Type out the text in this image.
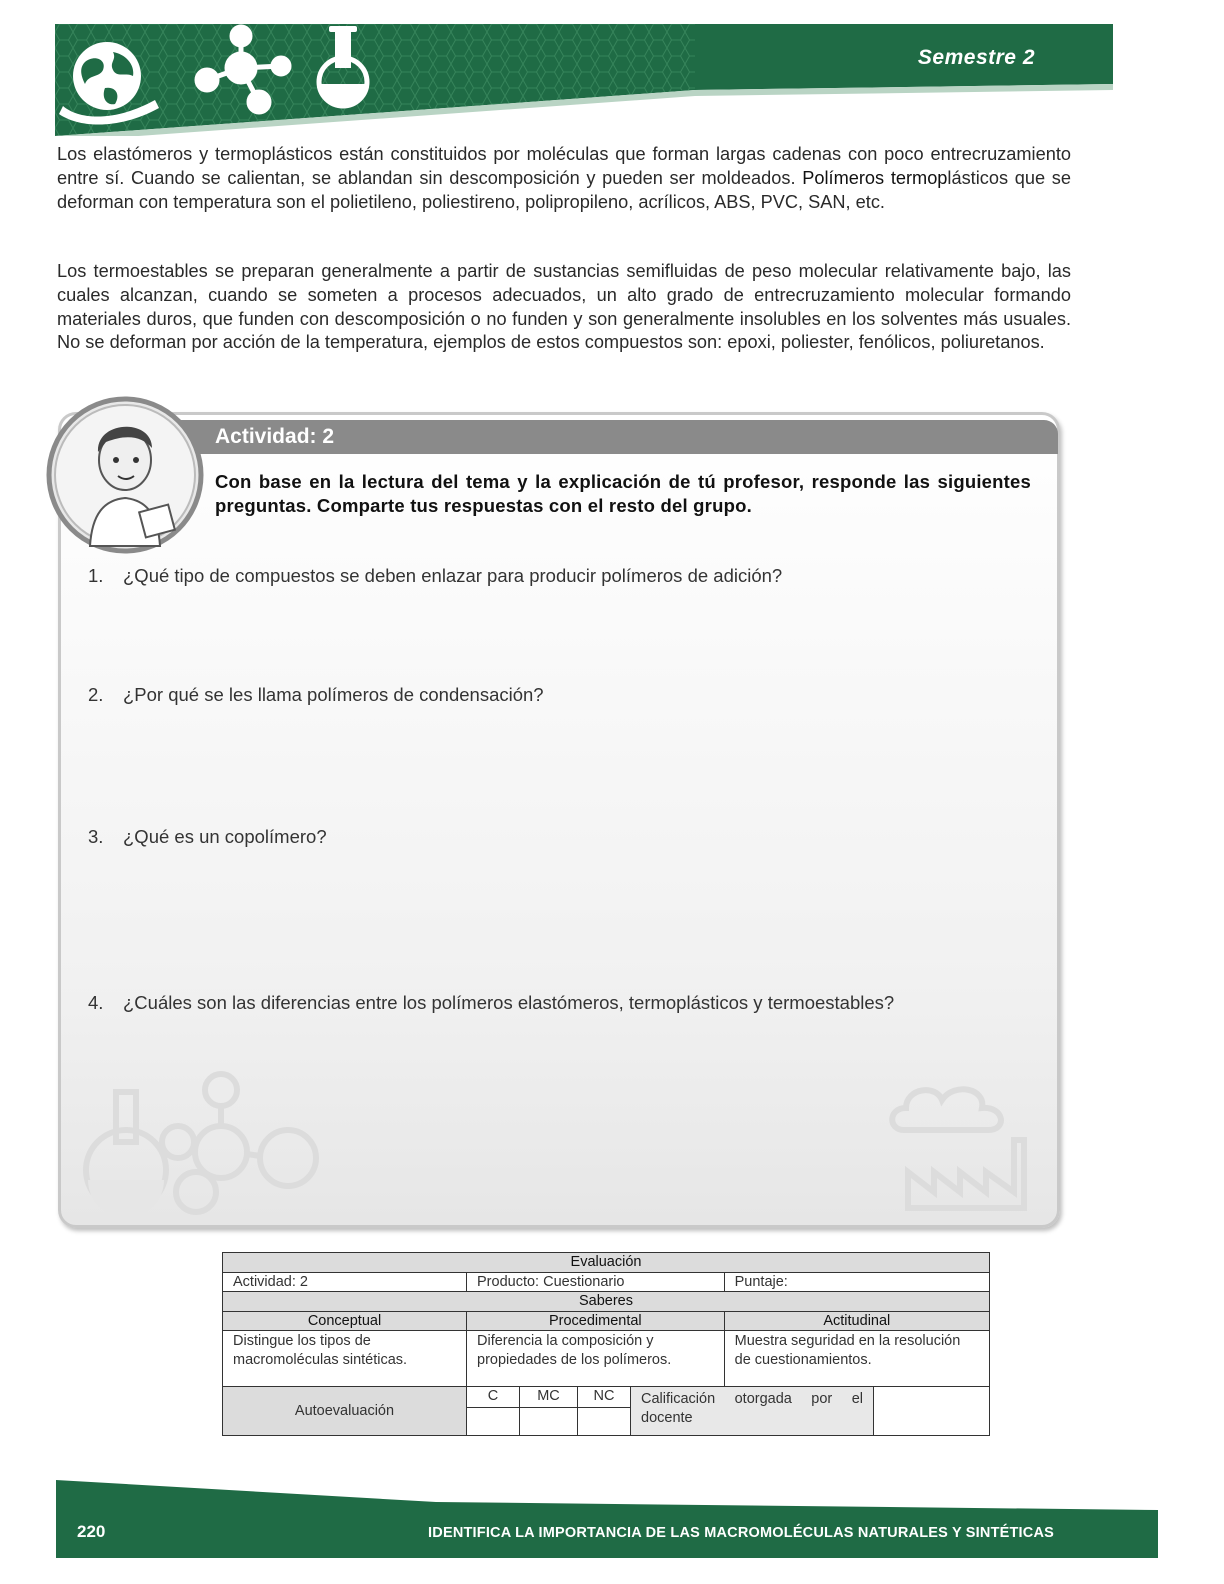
Semestre 2
Los elastómeros y termoplásticos están constituidos por moléculas que forman largas cadenas con poco entrecruzamiento entre sí. Cuando se calientan, se ablandan sin descomposición y pueden ser moldeados. Polímeros termoplásticos que se deforman con temperatura son el polietileno, poliestireno, polipropileno, acrílicos, ABS, PVC, SAN, etc.
Los termoestables se preparan generalmente a partir de sustancias semifluidas de peso molecular relativamente bajo, las cuales alcanzan, cuando se someten a procesos adecuados, un alto grado de entrecruzamiento molecular formando materiales duros, que funden con descomposición o no funden y son generalmente insolubles en los solventes más usuales. No se deforman por acción de la temperatura, ejemplos de estos compuestos son: epoxi, poliester, fenólicos, poliuretanos.
Actividad: 2
Con base en la lectura del tema y la explicación de tú profesor, responde las siguientes preguntas. Comparte tus respuestas con el resto del grupo.
1. ¿Qué tipo de compuestos se deben enlazar para producir polímeros de adición?
2. ¿Por qué se les llama polímeros de condensación?
3. ¿Qué es un copolímero?
4. ¿Cuáles son las diferencias entre los polímeros elastómeros, termoplásticos y termoestables?
Evaluación
Actividad: 2	Producto: Cuestionario	Puntaje:
Saberes
Conceptual	Procedimental	Actitudinal
Distingue los tipos de macromoléculas sintéticas.	Diferencia la composición y propiedades de los polímeros.	Muestra seguridad en la resolución de cuestionamientos.

Autoevaluación	C	MC	NC	Calificación otorgada por el docente	

220	IDENTIFICA LA IMPORTANCIA DE LAS MACROMOLÉCULAS NATURALES Y SINTÉTICAS
